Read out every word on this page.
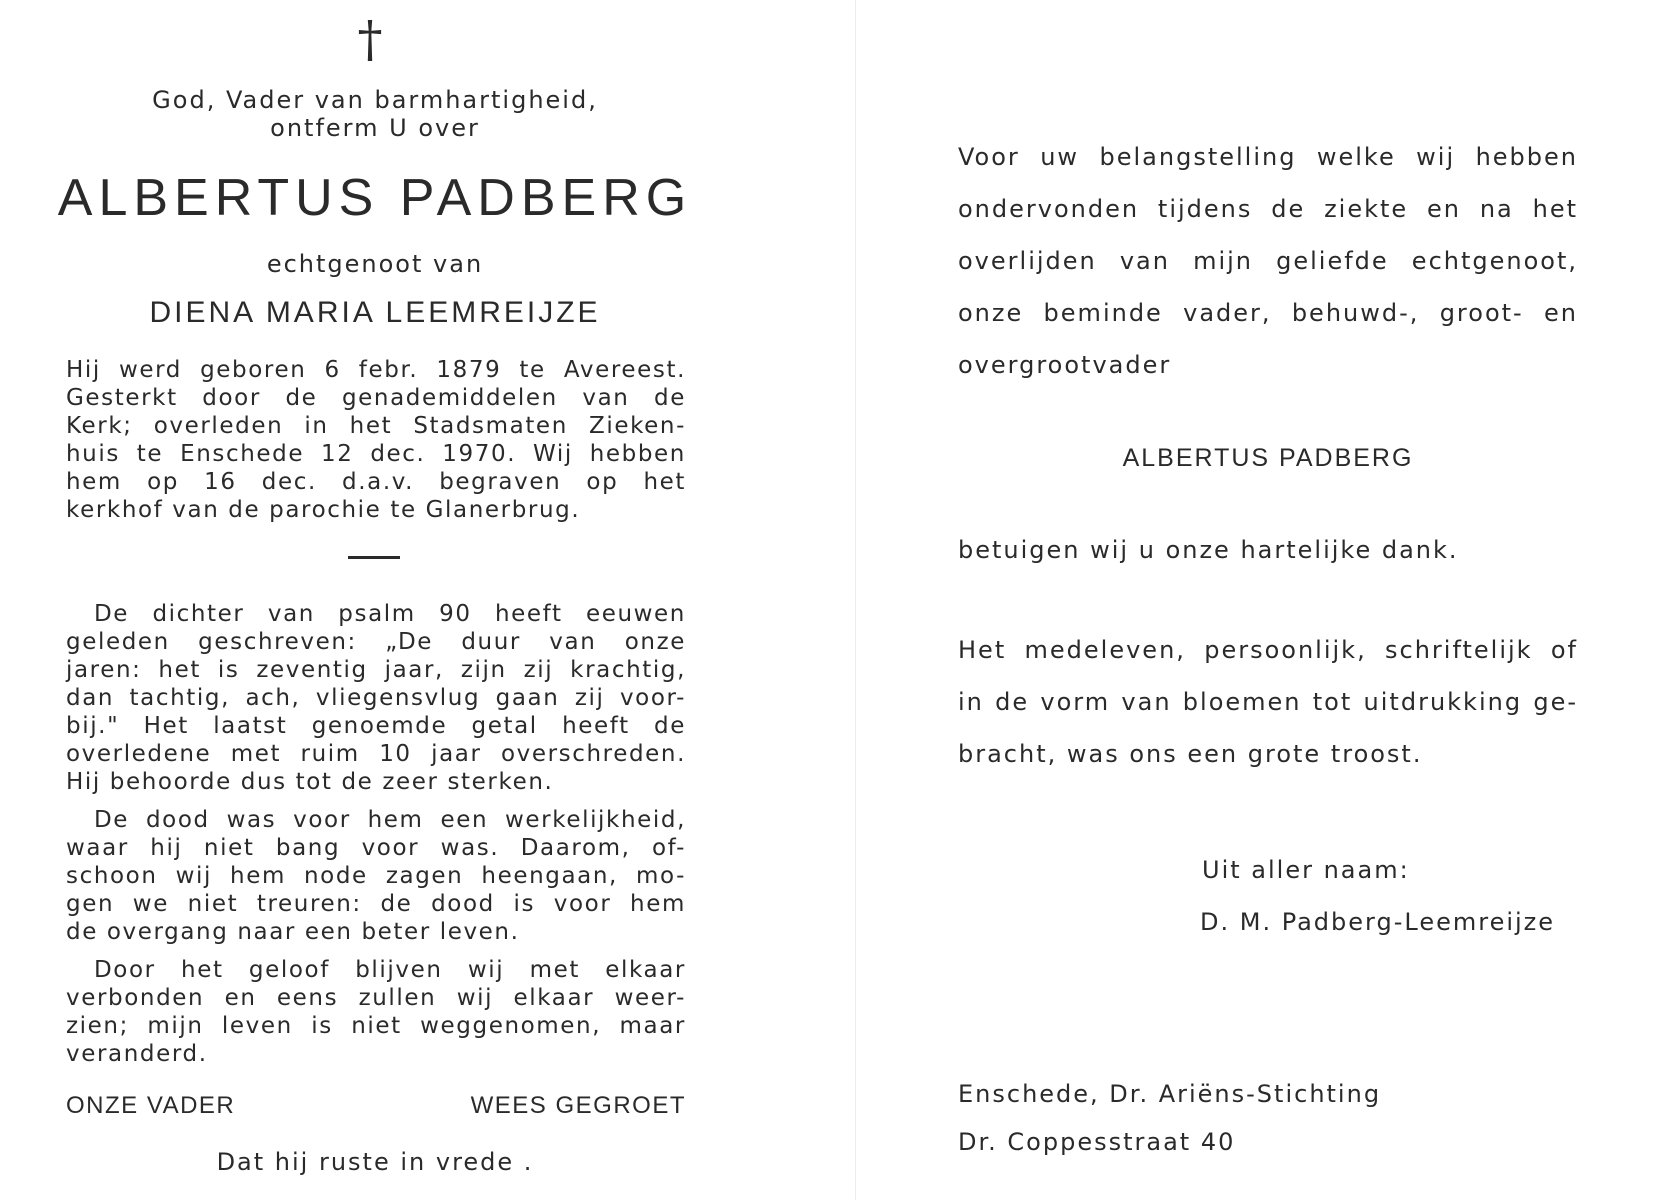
†
God, Vader van barmhartigheid,
ontferm U over
ALBERTUS PADBERG
echtgenoot van
DIENA MARIA LEEMREIJZE

Hij werd geboren 6 febr. 1879 te Avereest.

Gesterkt door de genademiddelen van de

Kerk; overleden in het Stadsmaten Zieken-

huis te Enschede 12 dec. 1970. Wij hebben

hem op 16 dec. d.a.v. begraven op het

kerkhof van de parochie te Glanerbrug.

De dichter van psalm 90 heeft eeuwen

geleden geschreven: „De duur van onze

jaren: het is zeventig jaar, zijn zij krachtig,

dan tachtig, ach, vliegensvlug gaan zij voor-

bij." Het laatst genoemde getal heeft de

overledene met ruim 10 jaar overschreden.

Hij behoorde dus tot de zeer sterken.

De dood was voor hem een werkelijkheid,

waar hij niet bang voor was. Daarom, of-

schoon wij hem node zagen heengaan, mo-

gen we niet treuren: de dood is voor hem

de overgang naar een beter leven.

Door het geloof blijven wij met elkaar

verbonden en eens zullen wij elkaar weer-

zien; mijn leven is niet weggenomen, maar

veranderd.

ONZE VADER	WEES GEGROET
Dat hij ruste in vrede .
Voor uw belangstelling welke wij hebben
ondervonden tijdens de ziekte en na het
overlijden van mijn geliefde echtgenoot,
onze beminde vader, behuwd-, groot- en
overgrootvader
ALBERTUS PADBERG
betuigen wij u onze hartelijke dank.
Het medeleven, persoonlijk, schriftelijk of
in de vorm van bloemen tot uitdrukking ge-
bracht, was ons een grote troost.
Uit aller naam:
D. M. Padberg-Leemreijze
Enschede, Dr. Ariëns-Stichting
Dr. Coppesstraat 40
